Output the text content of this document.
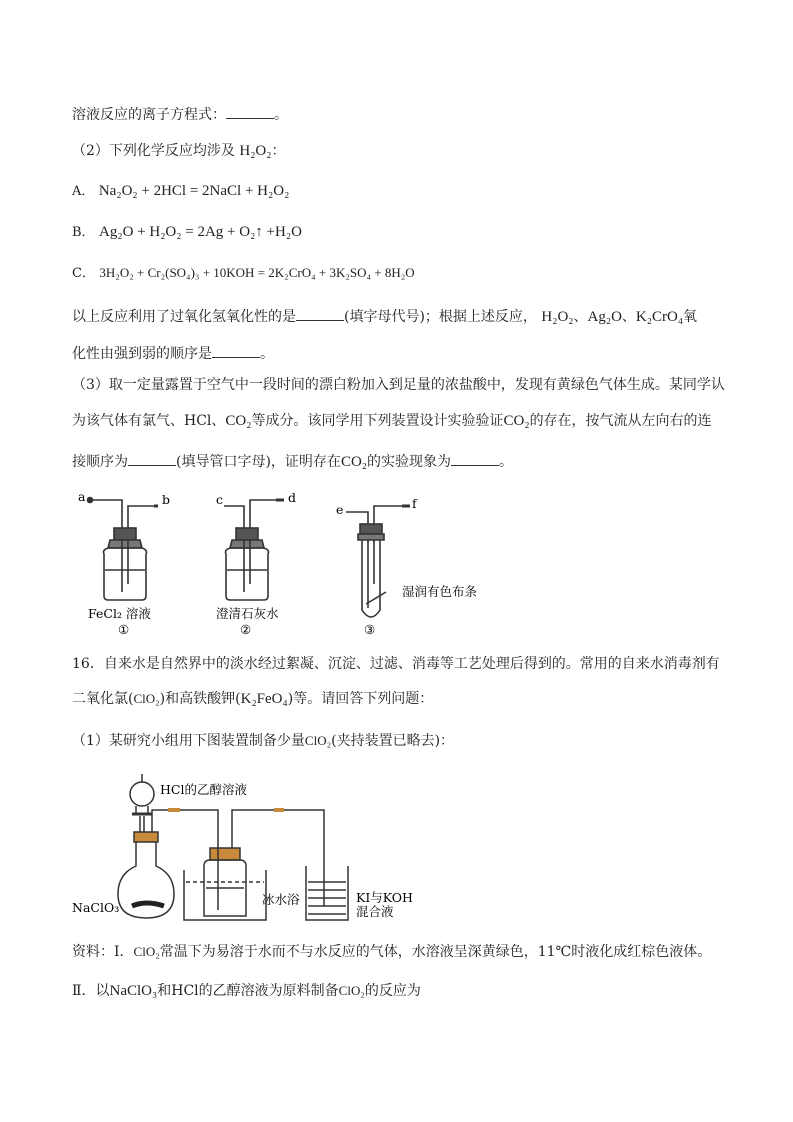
溶液反应的离子方程式：	。
（2）下列化学反应均涉及 H₂O₂：
A． Na₂O₂ + 2HCl = 2NaCl + H₂O₂
B． Ag₂O + H₂O₂ = 2Ag + O₂↑ +H₂O
C． 3H₂O₂ + Cr₂(SO₄)₃ + 10KOH = 2K₂CrO₄ + 3K₂SO₄ + 8H₂O
以上反应利用了过氧化氢氧化性的是	(填字母代号)；根据上述反应， H₂O₂、Ag₂O、K₂CrO₄氧
化性由强到弱的顺序是	。
（3）取一定量露置于空气中一段时间的漂白粉加入到足量的浓盐酸中，发现有黄绿色气体生成。某同学认
为该气体有氯气、HCl、CO₂等成分。该同学用下列装置设计实验验证CO₂的存在，按气流从左向右的连
接顺序为	(填导管口字母)，证明存在CO₂的实验现象为	。
a	b
FeCl₂ 溶液
①
c	d
澄清石灰水
②
e	f
湿润有色布条
③
16．自来水是自然界中的淡水经过絮凝、沉淀、过滤、消毒等工艺处理后得到的。常用的自来水消毒剂有
二氧化氯(ClO₂)和高铁酸钾(K₂FeO₄)等。请回答下列问题：
（1）某研究小组用下图装置制备少量ClO₂(夹持装置已略去)：
HCl的乙醇溶液
NaClO₃
冰水浴	KI与KOH
混合液
资料：Ⅰ．ClO₂常温下为易溶于水而不与水反应的气体，水溶液呈深黄绿色，11℃时液化成红棕色液体。
Ⅱ．以NaClO₃和HCl的乙醇溶液为原料制备ClO₂的反应为
